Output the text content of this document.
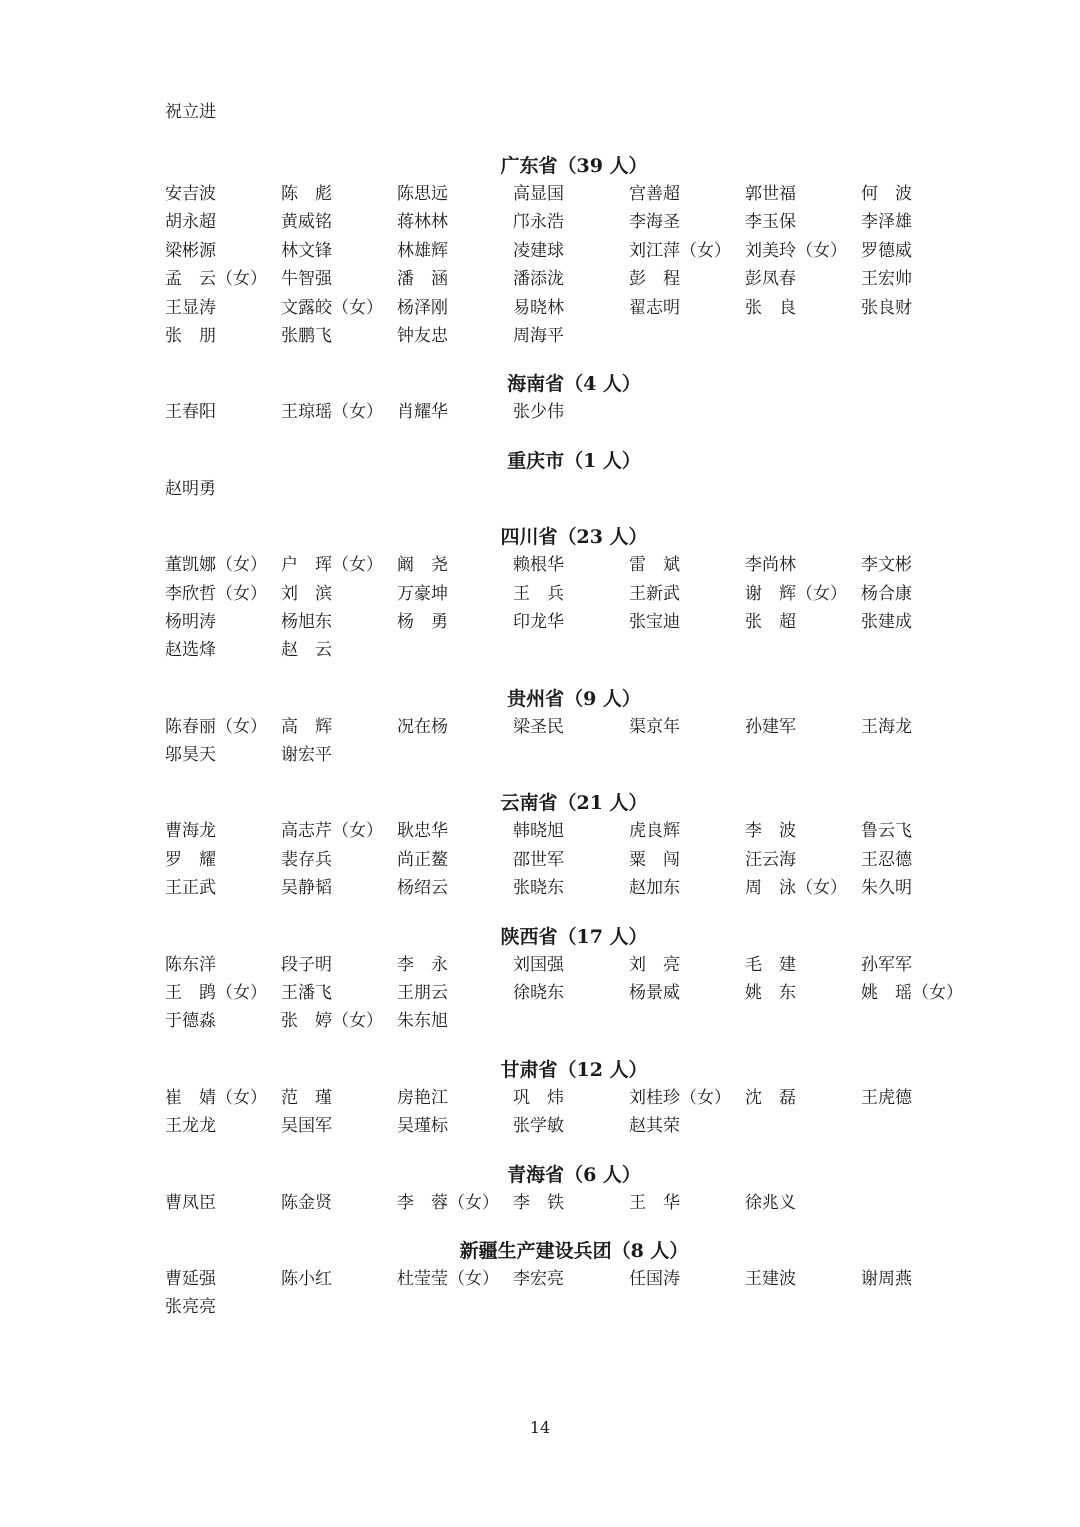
祝立进
广东省（39 人）
安吉波	陈　彪	陈思远	高显国	宫善超	郭世福	何　波
胡永超	黄威铭	蒋林林	邝永浩	李海圣	李玉保	李泽雄
梁彬源	林文锋	林雄辉	凌建球	刘江萍（女） 刘美玲（女） 罗德威
孟　云（女） 牛智强	潘　涵	潘添泷	彭　程	彭凤春	王宏帅
王显涛	文露皎（女） 杨泽刚	易晓林	翟志明	张　良	张良财
张　朋	张鹏飞	钟友忠	周海平
海南省（4 人）
王春阳	王琼瑶（女） 肖耀华	张少伟
重庆市（1 人）
赵明勇
四川省（23 人）
董凯娜（女） 户　珲（女） 阚　尧	赖根华	雷　斌	李尚林	李文彬
李欣哲（女） 刘　滨	万豪坤	王　兵	王新武	谢　辉（女） 杨合康
杨明涛	杨旭东	杨　勇	印龙华	张宝迪	张　超	张建成
赵选烽	赵　云
贵州省（9 人）
陈春丽（女） 高　辉	况在杨	梁圣民	渠京年	孙建军	王海龙
邬昊天	谢宏平
云南省（21 人）
曹海龙	高志芹（女） 耿忠华	韩晓旭	虎良辉	李　波	鲁云飞
罗　耀	裴存兵	尚正鳌	邵世军	粟　闯	汪云海	王忍德
王正武	吴静韬	杨绍云	张晓东	赵加东	周　泳（女） 朱久明
陕西省（17 人）
陈东洋	段子明	李　永	刘国强	刘　亮	毛　建	孙军军
王　鹍（女） 王潘飞	王朋云	徐晓东	杨景威	姚　东	姚　瑶（女）
于德淼	张　婷（女） 朱东旭
甘肃省（12 人）
崔　婧（女） 范　瑾	房艳江	巩　炜	刘桂珍（女） 沈　磊	王虎德
王龙龙	吴国军	吴瑾标	张学敏	赵其荣
青海省（6 人）
曹凤臣	陈金贤	李　蓉（女） 李　铁	王　华	徐兆义
新疆生产建设兵团（8 人）
曹延强	陈小红	杜莹莹（女） 李宏亮	任国涛	王建波	谢周燕
张亮亮
14
